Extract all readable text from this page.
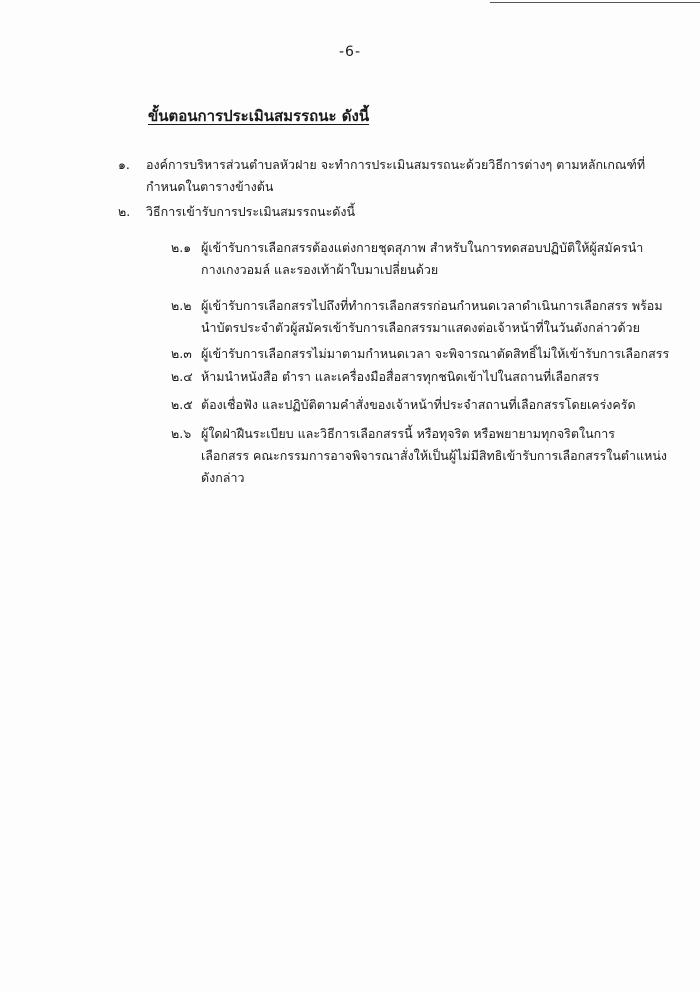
-6-
ขั้นตอนการประเมินสมรรถนะ ดังนี้
๑. องค์การบริหารส่วนตำบลหัวฝาย จะทำการประเมินสมรรถนะด้วยวิธีการต่างๆ ตามหลักเกณฑ์ที่
กำหนดในตารางข้างต้น
๒. วิธีการเข้ารับการประเมินสมรรถนะดังนี้
๒.๑ ผู้เข้ารับการเลือกสรรต้องแต่งกายชุดสุภาพ สำหรับในการทดสอบปฏิบัติให้ผู้สมัครนำ
กางเกงวอมล์ และรองเท้าผ้าใบมาเปลี่ยนด้วย
๒.๒ ผู้เข้ารับการเลือกสรรไปถึงที่ทำการเลือกสรรก่อนกำหนดเวลาดำเนินการเลือกสรร พร้อม
นำบัตรประจำตัวผู้สมัครเข้ารับการเลือกสรรมาแสดงต่อเจ้าหน้าที่ในวันดังกล่าวด้วย
๒.๓ ผู้เข้ารับการเลือกสรรไม่มาตามกำหนดเวลา จะพิจารณาตัดสิทธิ์ไม่ให้เข้ารับการเลือกสรร
๒.๔ ห้ามนำหนังสือ ตำรา และเครื่องมือสื่อสารทุกชนิดเข้าไปในสถานที่เลือกสรร
๒.๕ ต้องเชื่อฟัง และปฏิบัติตามคำสั่งของเจ้าหน้าที่ประจำสถานที่เลือกสรรโดยเคร่งครัด
๒.๖ ผู้ใดฝ่าฝืนระเบียบ และวิธีการเลือกสรรนี้ หรือทุจริต หรือพยายามทุกจริตในการ
เลือกสรร คณะกรรมการอาจพิจารณาสั่งให้เป็นผู้ไม่มีสิทธิเข้ารับการเลือกสรรในตำแหน่ง
ดังกล่าว
